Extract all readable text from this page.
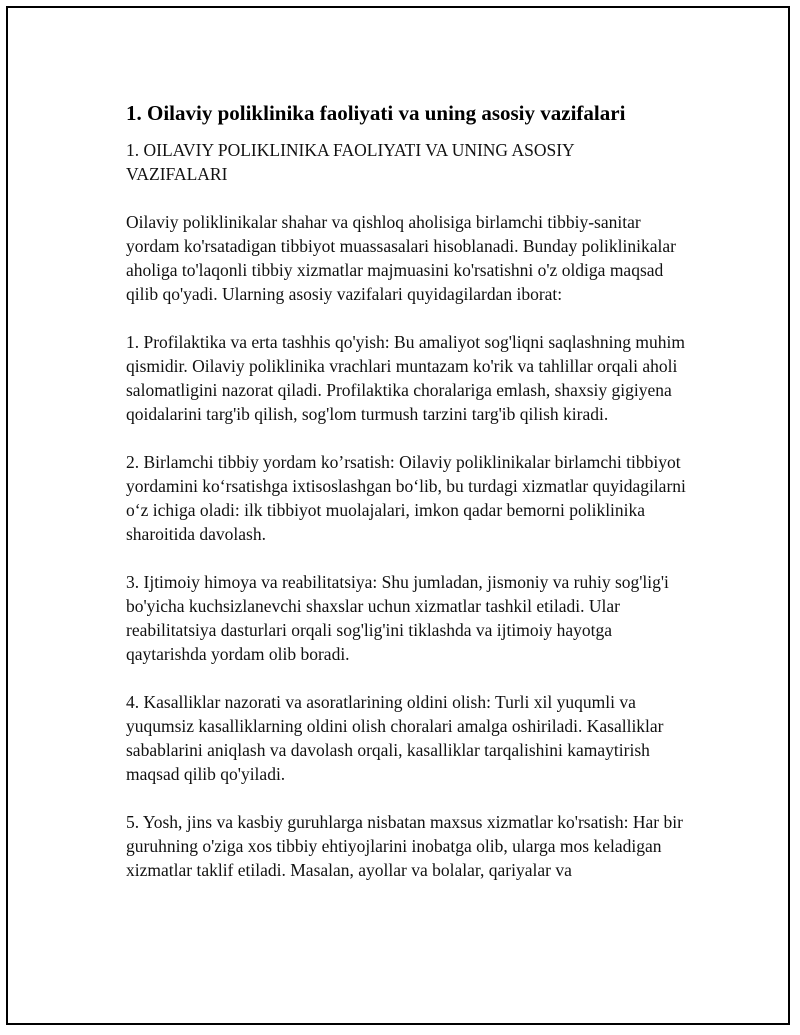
1. Oilaviy poliklinika faoliyati va uning asosiy vazifalari
1. OILAVIY POLIKLINIKA FAOLIYATI VA UNING ASOSIY
VAZIFALARI

Oilaviy poliklinikalar shahar va qishloq aholisiga birlamchi tibbiy-sanitar yordam ko'rsatadigan tibbiyot muassasalari hisoblanadi. Bunday poliklinikalar aholiga to'laqonli tibbiy xizmatlar majmuasini ko'rsatishni o'z oldiga maqsad qilib qo'yadi. Ularning asosiy vazifalari quyidagilardan iborat:

1. Profilaktika va erta tashhis qo'yish: Bu amaliyot sog'liqni saqlashning muhim qismidir. Oilaviy poliklinika vrachlari muntazam ko'rik va tahlillar orqali aholi salomatligini nazorat qiladi. Profilaktika choralariga emlash, shaxsiy gigiyena qoidalarini targ'ib qilish, sog'lom turmush tarzini targ'ib qilish kiradi.

2. Birlamchi tibbiy yordam ko’rsatish: Oilaviy poliklinikalar birlamchi tibbiyot yordamini ko‘rsatishga ixtisoslashgan bo‘lib, bu turdagi xizmatlar quyidagilarni o‘z ichiga oladi: ilk tibbiyot muolajalari, imkon qadar bemorni poliklinika sharoitida davolash.

3. Ijtimoiy himoya va reabilitatsiya: Shu jumladan, jismoniy va ruhiy sog'lig'i bo'yicha kuchsizlanevchi shaxslar uchun xizmatlar tashkil etiladi. Ular reabilitatsiya dasturlari orqali sog'lig'ini tiklashda va ijtimoiy hayotga qaytarishda yordam olib boradi.

4. Kasalliklar nazorati va asoratlarining oldini olish: Turli xil yuqumli va yuqumsiz kasalliklarning oldini olish choralari amalga oshiriladi. Kasalliklar sabablarini aniqlash va davolash orqali, kasalliklar tarqalishini kamaytirish maqsad qilib qo'yiladi.

5. Yosh, jins va kasbiy guruhlarga nisbatan maxsus xizmatlar ko'rsatish: Har bir guruhning o'ziga xos tibbiy ehtiyojlarini inobatga olib, ularga mos keladigan xizmatlar taklif etiladi. Masalan, ayollar va bolalar, qariyalar va
